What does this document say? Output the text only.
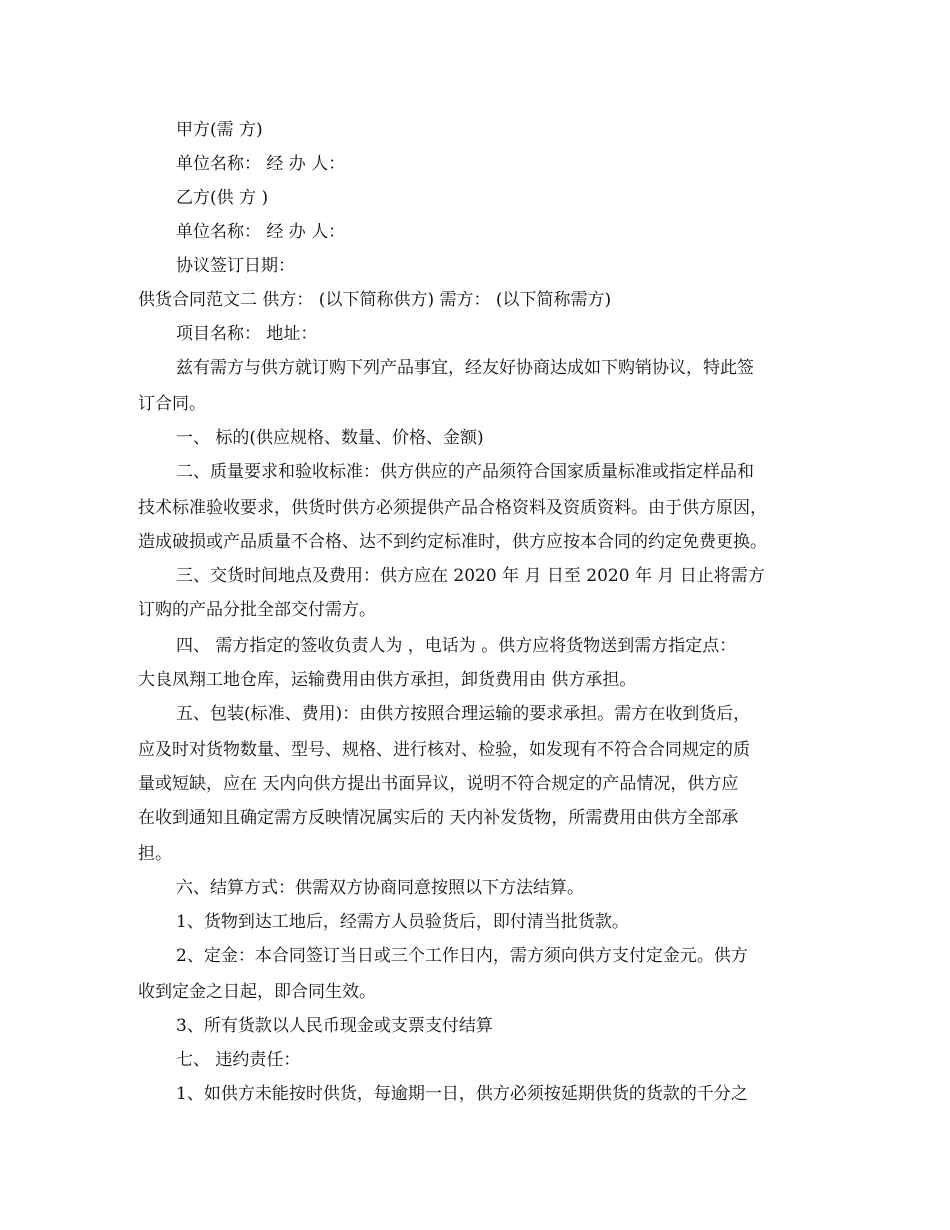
甲方(需 方)
单位名称： 经 办 人：
乙方(供 方 )
单位名称： 经 办 人：
协议签订日期：
供货合同范文二 供方： (以下简称供方) 需方： (以下简称需方)
项目名称： 地址：
兹有需方与供方就订购下列产品事宜，经友好协商达成如下购销协议，特此签
订合同。
一、 标的(供应规格、数量、价格、金额)
二、质量要求和验收标准：供方供应的产品须符合国家质量标准或指定样品和
技术标准验收要求，供货时供方必须提供产品合格资料及资质资料。由于供方原因，
造成破损或产品质量不合格、达不到约定标准时，供方应按本合同的约定免费更换。
三、交货时间地点及费用：供方应在 2020 年 月 日至 2020 年 月 日止将需方
订购的产品分批全部交付需方。
四、 需方指定的签收负责人为 ，电话为 。供方应将货物送到需方指定点：
大良凤翔工地仓库，运输费用由供方承担，卸货费用由 供方承担。
五、包装(标准、费用)：由供方按照合理运输的要求承担。需方在收到货后，
应及时对货物数量、型号、规格、进行核对、检验，如发现有不符合合同规定的质
量或短缺，应在 天内向供方提出书面异议，说明不符合规定的产品情况，供方应
在收到通知且确定需方反映情况属实后的 天内补发货物，所需费用由供方全部承
担。
六、结算方式：供需双方协商同意按照以下方法结算。
1、货物到达工地后，经需方人员验货后，即付清当批货款。
2、定金：本合同签订当日或三个工作日内，需方须向供方支付定金元。供方
收到定金之日起，即合同生效。
3、所有货款以人民币现金或支票支付结算
七、 违约责任：
1、如供方未能按时供货，每逾期一日，供方必须按延期供货的货款的千分之
